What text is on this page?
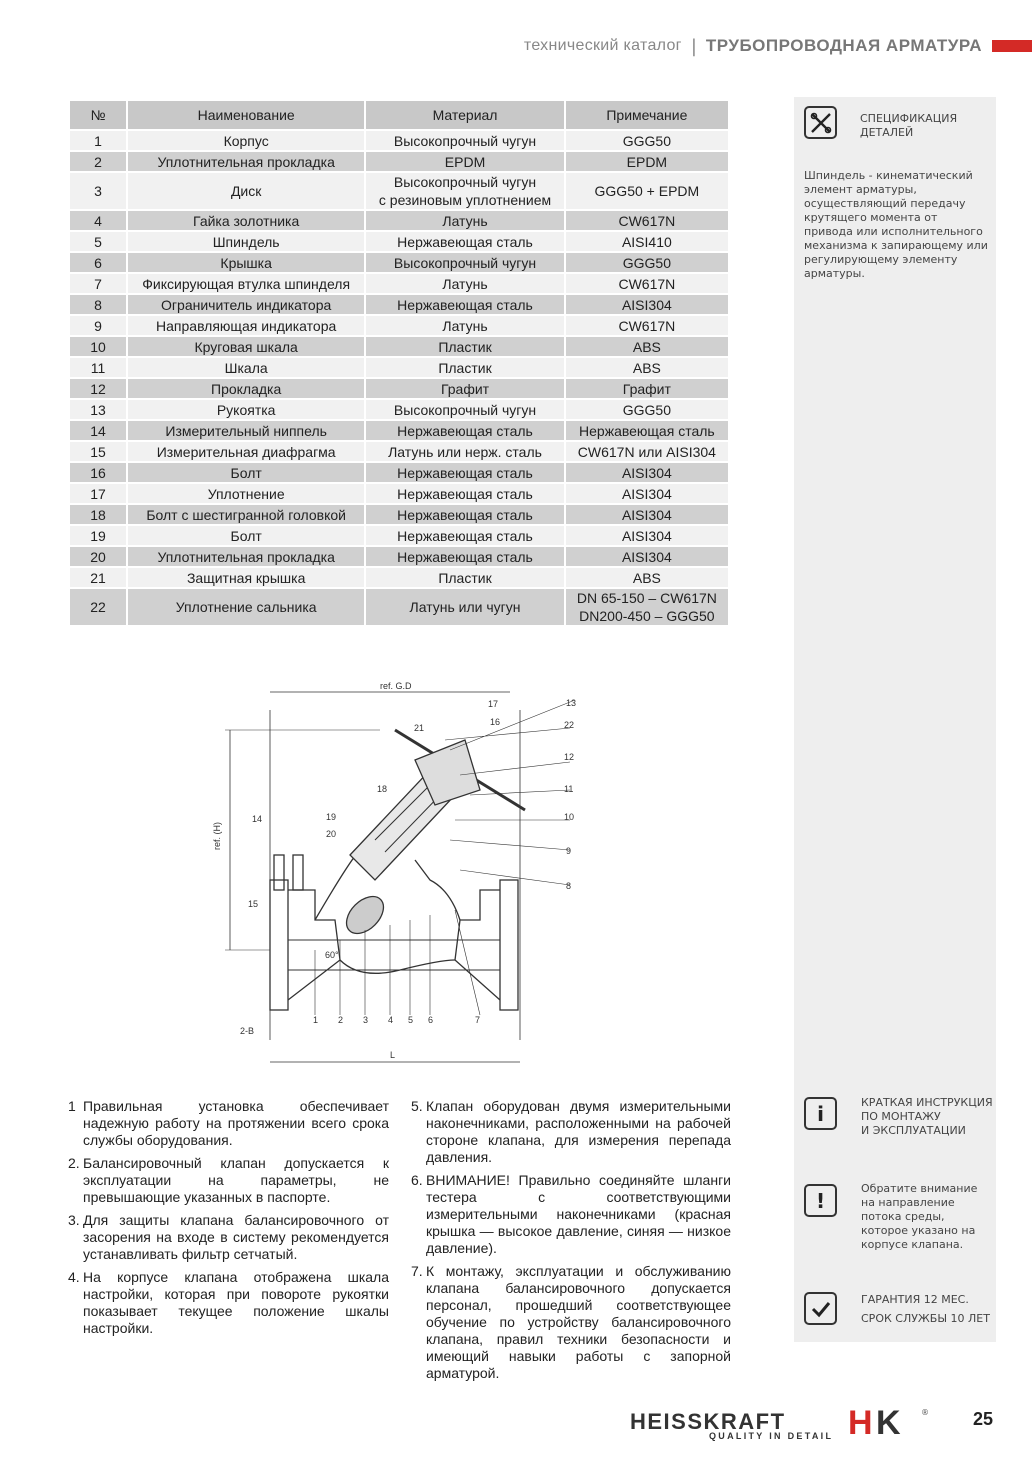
технический каталог | ТРУБОПРОВОДНАЯ АРМАТУРА
№	Наименование	Материал	Примечание
1	Корпус	Высокопрочный чугун	GGG50
2	Уплотнительная прокладка	EPDM	EPDM
3	Диск	Высокопрочный чугун
с резиновым уплотнением	GGG50 + EPDM
4	Гайка золотника	Латунь	CW617N
5	Шпиндель	Нержавеющая сталь	AISI410
6	Крышка	Высокопрочный чугун	GGG50
7	Фиксирующая втулка шпинделя	Латунь	CW617N
8	Ограничитель индикатора	Нержавеющая сталь	AISI304
9	Направляющая индикатора	Латунь	CW617N
10	Круговая шкала	Пластик	ABS
11	Шкала	Пластик	ABS
12	Прокладка	Графит	Графит
13	Рукоятка	Высокопрочный чугун	GGG50
14	Измерительный ниппель	Нержавеющая сталь	Нержавеющая сталь
15	Измерительная диафрагма	Латунь или нерж. сталь	CW617N или AISI304
16	Болт	Нержавеющая сталь	AISI304
17	Уплотнение	Нержавеющая сталь	AISI304
18	Болт с шестигранной головкой	Нержавеющая сталь	AISI304
19	Болт	Нержавеющая сталь	AISI304
20	Уплотнительная прокладка	Нержавеющая сталь	AISI304
21	Защитная крышка	Пластик	ABS
22	Уплотнение сальника	Латунь или чугун	DN 65-150 – CW617N
DN200-450 – GGG50
СПЕЦИФИКАЦИЯ
ДЕТАЛЕЙ
Шпиндель - кинематический элемент арматуры, осуществляющий передачу крутящего момента от привода или исполнительного механизма к запирающему или регулирующему элементу арматуры.
i	КРАТКАЯ ИНСТРУКЦИЯ
ПО МОНТАЖУ
И ЭКСПЛУАТАЦИИ
!	Обратите внимание на направление потока среды, которое указано на корпусе клапана.
ГАРАНТИЯ 12 МЕС.
СРОК СЛУЖБЫ 10 ЛЕТ
ref. G.D
ref. (H)
L
2-B
60°
1 2 3 4 5 6	7
8
9
10
11
12
13
14
15
16
17
18
19
20
21	22
1 Правильная установка обеспечивает надежную работу на протяжении всего срока службы оборудования.
2. Балансировочный клапан допускается к эксплуатации на параметры, не превышающие указанных в паспорте.
3. Для защиты клапана балансировочного от засорения на входе в систему рекомендуется устанавливать фильтр сетчатый.
4. На корпусе клапана отображена шкала настройки, которая при повороте рукоятки показывает текущее положение шкалы настройки.
5. Клапан оборудован двумя измерительными наконечниками, расположенными на рабочей стороне клапана, для измерения перепада давления.
6. ВНИМАНИЕ! Правильно соединяйте шланги тестера с соответствующими измерительными наконечниками (красная крышка — высокое давление, синяя — низкое давление).
7. К монтажу, эксплуатации и обслуживанию клапана балансировочного допускается персонал, прошедший соответствующее обучение по устройству балансировочного клапана, правил техники безопасности и имеющий навыки работы с запорной арматурой.
HEISSKRAFT H K	®
QUALITY IN DETAIL
25
